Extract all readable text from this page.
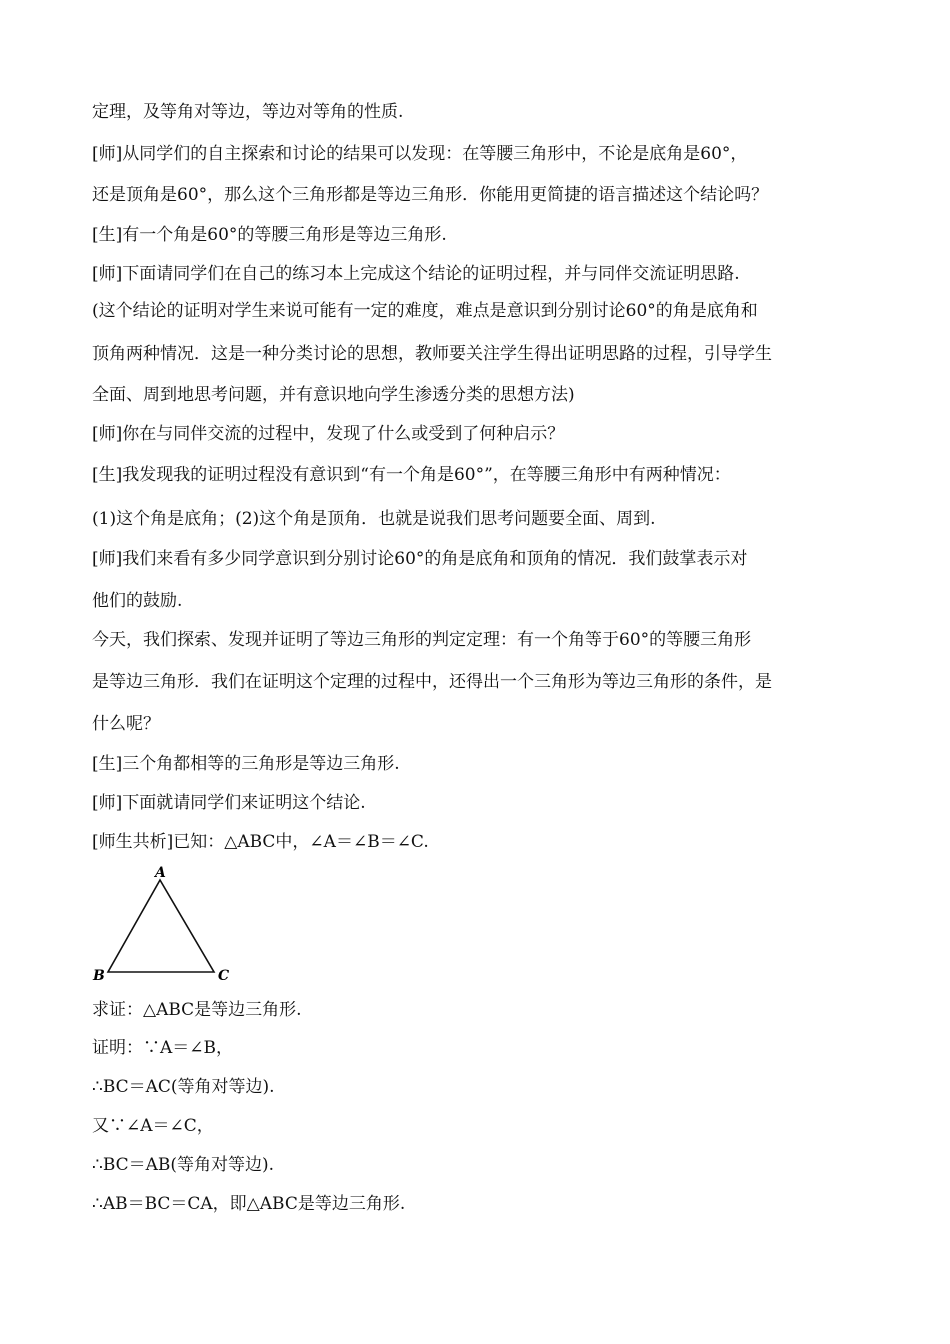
定理，及等角对等边，等边对等角的性质.
[师]从同学们的自主探索和讨论的结果可以发现：在等腰三角形中，不论是底角是60°，
还是顶角是60°，那么这个三角形都是等边三角形．你能用更简捷的语言描述这个结论吗？
[生]有一个角是60°的等腰三角形是等边三角形.
[师]下面请同学们在自己的练习本上完成这个结论的证明过程，并与同伴交流证明思路.
(这个结论的证明对学生来说可能有一定的难度，难点是意识到分别讨论60°的角是底角和
顶角两种情况．这是一种分类讨论的思想，教师要关注学生得出证明思路的过程，引导学生
全面、周到地思考问题，并有意识地向学生渗透分类的思想方法)
[师]你在与同伴交流的过程中，发现了什么或受到了何种启示？
[生]我发现我的证明过程没有意识到“有一个角是60°”，在等腰三角形中有两种情况：
(1)这个角是底角；(2)这个角是顶角．也就是说我们思考问题要全面、周到.
[师]我们来看有多少同学意识到分别讨论60°的角是底角和顶角的情况．我们鼓掌表示对
他们的鼓励.
今天，我们探索、发现并证明了等边三角形的判定定理：有一个角等于60°的等腰三角形
是等边三角形．我们在证明这个定理的过程中，还得出一个三角形为等边三角形的条件，是
什么呢？
[生]三个角都相等的三角形是等边三角形.
[师]下面就请同学们来证明这个结论.
[师生共析]已知：△ABC中，∠A＝∠B＝∠C.
A
B	C
求证：△ABC是等边三角形.
证明：∵A＝∠B，
∴BC＝AC(等角对等边).
又∵∠A＝∠C，
∴BC＝AB(等角对等边).
∴AB＝BC＝CA，即△ABC是等边三角形.
